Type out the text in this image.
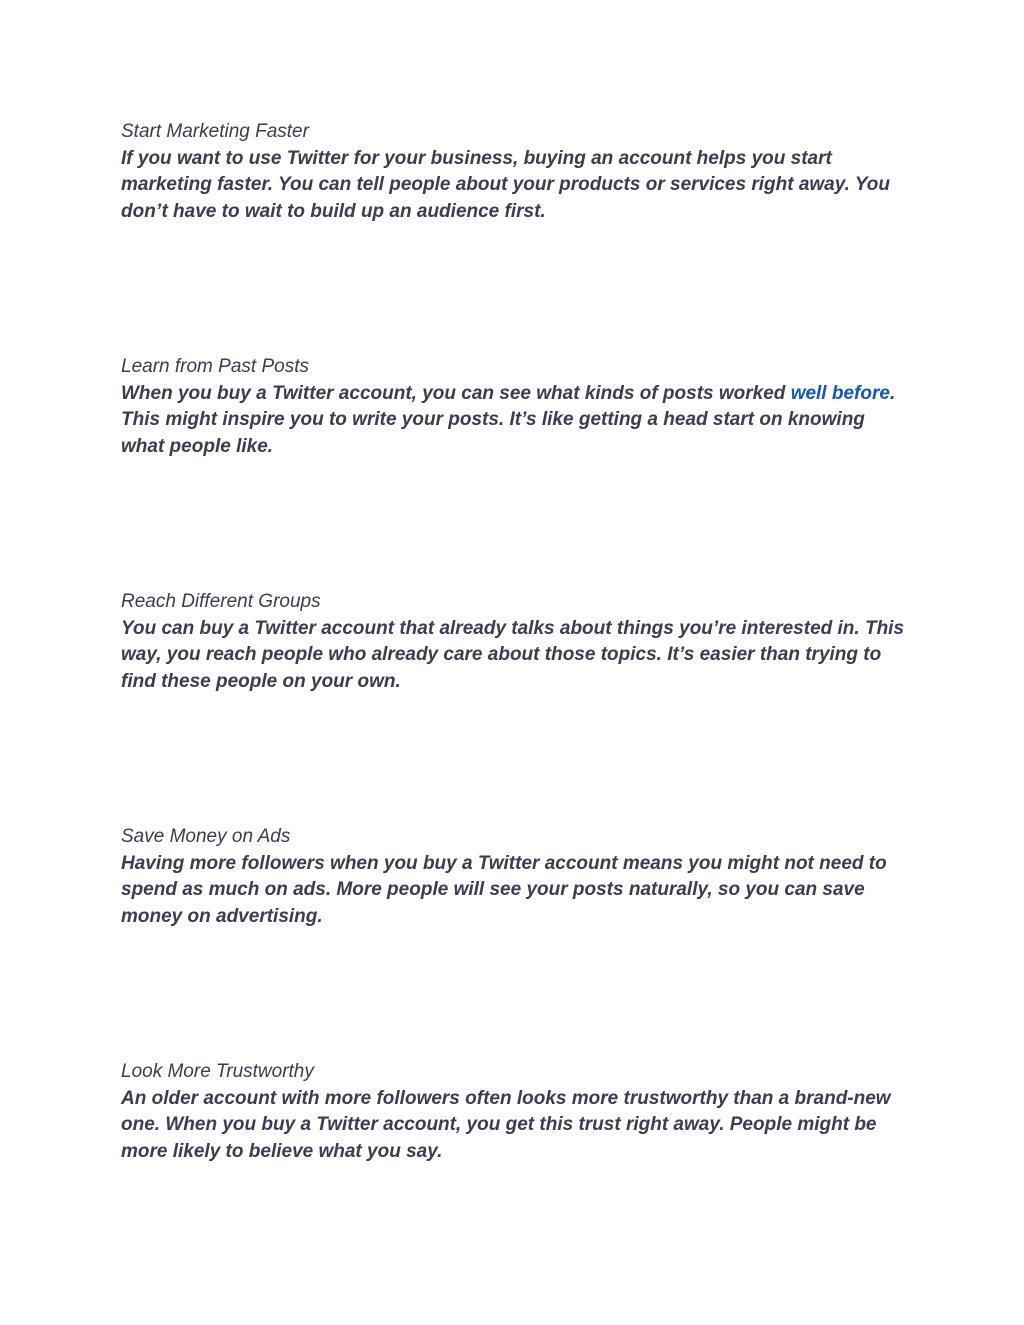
Start Marketing Faster
If you want to use Twitter for your business, buying an account helps you start marketing faster. You can tell people about your products or services right away. You don’t have to wait to build up an audience first.
Learn from Past Posts
When you buy a Twitter account, you can see what kinds of posts worked well before. This might inspire you to write your posts. It’s like getting a head start on knowing what people like.
Reach Different Groups
You can buy a Twitter account that already talks about things you’re interested in. This way, you reach people who already care about those topics. It’s easier than trying to find these people on your own.
Save Money on Ads
Having more followers when you buy a Twitter account means you might not need to spend as much on ads. More people will see your posts naturally, so you can save money on advertising.
Look More Trustworthy
An older account with more followers often looks more trustworthy than a brand-new one. When you buy a Twitter account, you get this trust right away. People might be more likely to believe what you say.
